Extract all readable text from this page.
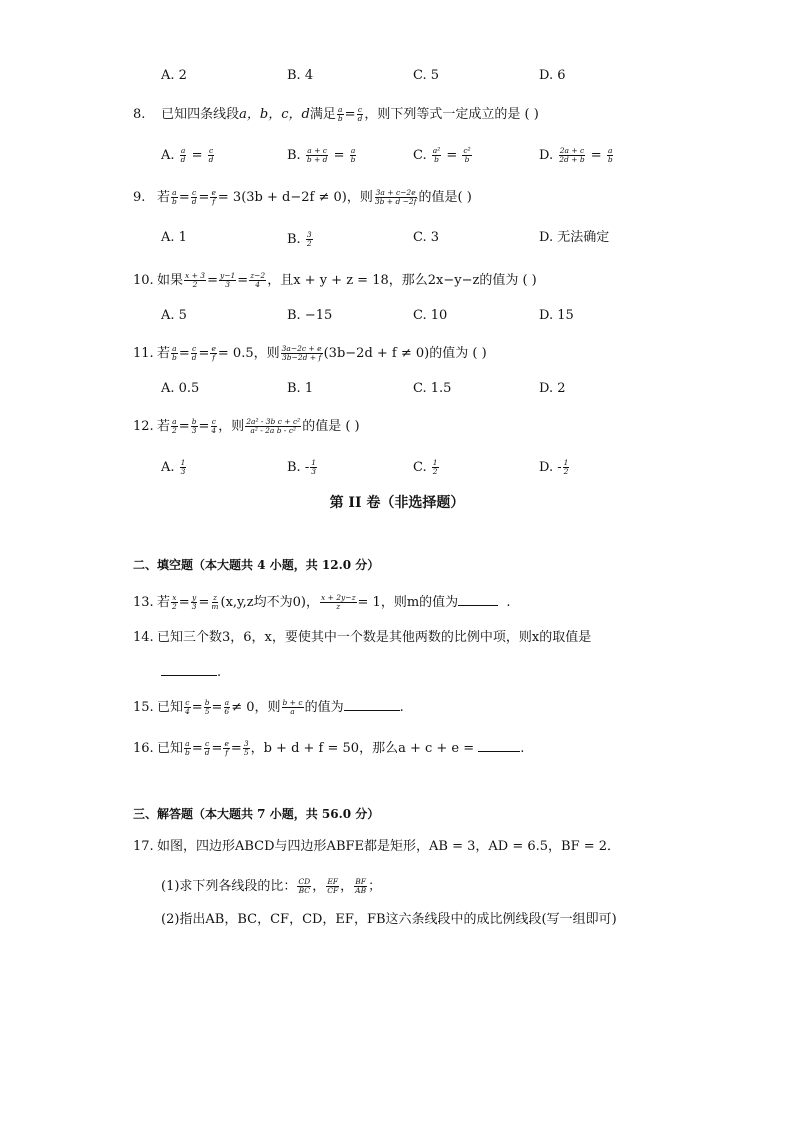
A. 2	B. 4	C. 5	D. 6
8. 已知四条线段a，b，c，d满足 $\frac{a}{b} = \frac{c}{d}$ ，则下列等式一定成立的是 ( )
A. $\frac{a}{d} = \frac{c}{d}$	B. $\frac{a + c}{b + d} = \frac{a}{b}$	C. $\frac{\text{a²}}{b} = \frac{\text{c²}}{b}$	D. $\frac{2a + c}{2d + b} = \frac{a}{b}$
9. 若 $\frac{a}{b} = \frac{c}{d} = \frac{e}{f} = 3(3b + d-2f \ne 0)$，则 $\frac{3a + c-2e}{3b + d -2f}$ 的值是( )
A. 1	B. $\frac{3}{2}$	C. 3	D. 无法确定
10. 如果 $\frac{x + 3}{2} = \frac{y-1}{3} = \frac{z-2}{4}$ ，且x + y + z = 18，那么2x−y−z的值为 ( )
A. 5	B. −15	C. 10	D. 15
11. 若 $\frac{a}{b} = \frac{c}{d} = \frac{e}{f} = 0.5$，则 $\frac{3a-2c + e}{3b-2d + f} (3b-2d + f \ne 0)$的值为 ( )
A. 0.5	B. 1	C. 1.5	D. 2
12. 若 $\frac{a}{2} = \frac{b}{3} = \frac{c}{4}$ ，则 $\frac{\text{2a² - 3b c + c²}}{\text{a² - 2a b - c²}}$ 的值是 ( )
A. $\frac{1}{3}$	B. - $\frac{1}{3}$	C. $\frac{1}{2}$	D. - $\frac{1}{2}$
第 II 卷（非选择题）
二、填空题（本大题共 4 小题，共 12.0 分）
13. 若 $\frac{x}{2} = \frac{y}{3} = \frac{z}{m} (x,y,z$均不为0)， $\frac{x + 2y-z}{z} = 1$，则m的值为	.
14. 已知三个数3，6，x，要使其中一个数是其他两数的比例中项，则x的取值是
.
15. 已知 $\frac{c}{4} = \frac{b}{5} = \frac{a}{6} \ne 0$，则 $\frac{b + c}{a}$ 的值为	.
16. 已知 $\frac{a}{b} = \frac{c}{d} = \frac{e}{f} = \frac{3}{5}$ ，b + d + f = 50，那么a + c + e =	.
三、解答题（本大题共 7 小题，共 56.0 分）
17. 如图，四边形ABCD与四边形ABFE都是矩形，AB = 3，AD = 6.5，BF = 2．
(1)求下列各线段的比： $\frac{CD}{BC}$ ， $\frac{EF}{CF}$ ， $\frac{BF}{AB}$ ；
(2)指出AB，BC，CF，CD，EF，FB这六条线段中的成比例线段(写一组即可)
